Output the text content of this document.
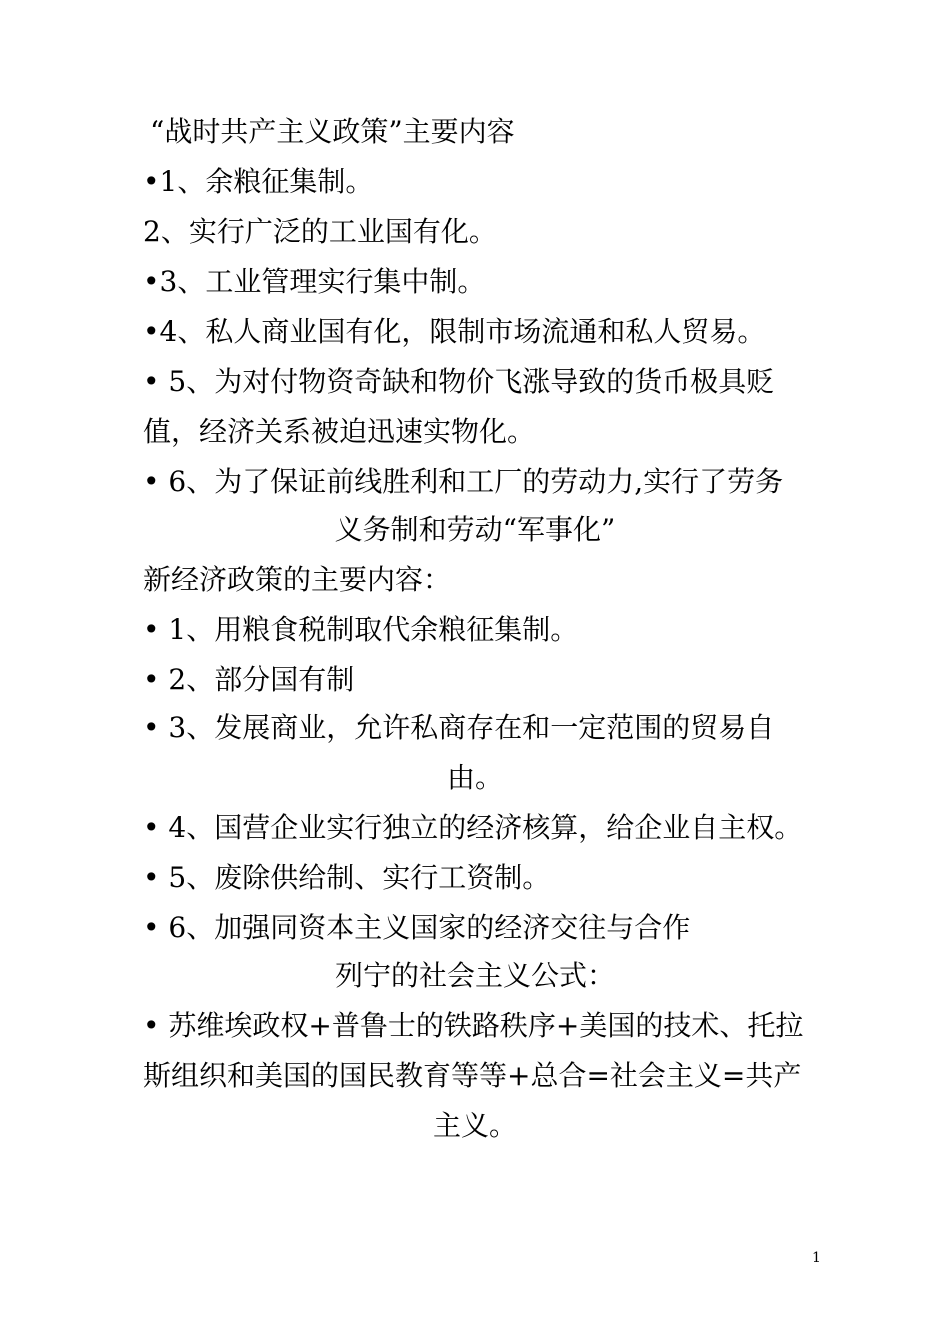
“战时共产主义政策”主要内容
•1、余粮征集制。
2、实行广泛的工业国有化。
•3、工业管理实行集中制。
•4、私人商业国有化，限制市场流通和私人贸易。
• 5、为对付物资奇缺和物价飞涨导致的货币极具贬
值，经济关系被迫迅速实物化。
• 6、为了保证前线胜利和工厂的劳动力,实行了劳务
义务制和劳动“军事化”
新经济政策的主要内容：
• 1、用粮食税制取代余粮征集制。
• 2、部分国有制
• 3、发展商业，允许私商存在和一定范围的贸易自
由。
• 4、国营企业实行独立的经济核算，给企业自主权。
• 5、废除供给制、实行工资制。
• 6、加强同资本主义国家的经济交往与合作
列宁的社会主义公式：
• 苏维埃政权+普鲁士的铁路秩序+美国的技术、托拉
斯组织和美国的国民教育等等+总合=社会主义=共产
主义。
1
